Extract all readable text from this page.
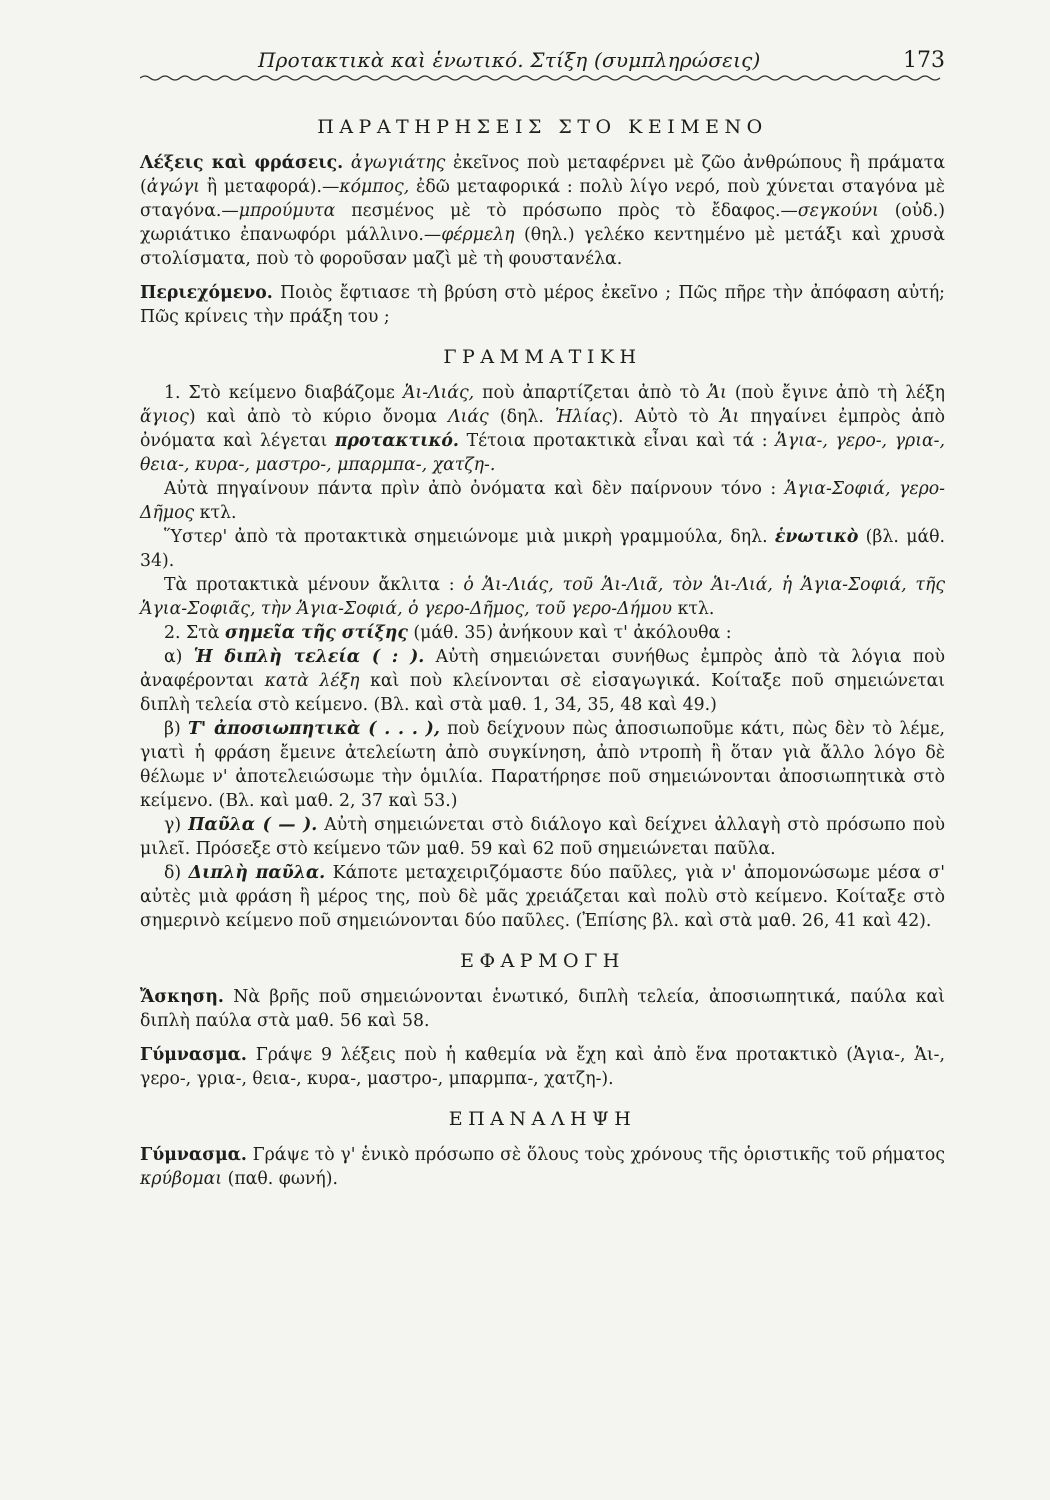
Προτακτικὰ καὶ ἑνωτικό. Στίξη (συμπληρώσεις)	173
ΠΑΡΑΤΗΡΗΣΕΙΣ ΣΤΟ ΚΕΙΜΕΝΟ

Λέξεις καὶ φράσεις. ἀγωγιάτης ἐκεῖνος ποὺ μεταφέρνει μὲ ζῶο ἀνθρώπους ἢ πράματα (ἀγώγι ἢ μεταφορά).—κόμπος, ἐδῶ μεταφορικά : πολὺ λίγο νερό, ποὺ χύνεται σταγόνα μὲ σταγόνα.—μπρούμυτα πεσμένος μὲ τὸ πρόσωπο πρὸς τὸ ἔδαφος.—σεγκούνι (οὐδ.) χωριάτικο ἐπανωφόρι μάλλινο.—φέρμελη (θηλ.) γελέκο κεντημένο μὲ μετάξι καὶ χρυσὰ στολίσματα, ποὺ τὸ φοροῦσαν μαζὶ μὲ τὴ φουστανέλα.

Περιεχόμενο. Ποιὸς ἔφτιασε τὴ βρύση στὸ μέρος ἐκεῖνο ; Πῶς πῆρε τὴν ἀπόφαση αὐτή; Πῶς κρίνεις τὴν πράξη του ;

ΓΡΑΜΜΑΤΙΚΗ

1. Στὸ κείμενο διαβάζομε Ἁι-Λιάς, ποὺ ἀπαρτίζεται ἀπὸ τὸ Ἁι (ποὺ ἔγινε ἀπὸ τὴ λέξη ἅγιος) καὶ ἀπὸ τὸ κύριο ὄνομα Λιάς (δηλ. Ἠλίας). Αὐτὸ τὸ Ἁι πηγαίνει ἐμπρὸς ἀπὸ ὀνόματα καὶ λέγεται προτακτικό. Τέτοια προτακτικὰ εἶναι καὶ τά : Ἁγια-, γερο-, γρια-, θεια-, κυρα-, μαστρο-, μπαρμπα-, χατζη-.

Αὐτὰ πηγαίνουν πάντα πρὶν ἀπὸ ὀνόματα καὶ δὲν παίρνουν τόνο : Ἁγια-Σοφιά, γερο-Δῆμος κτλ.

Ὕστερ' ἀπὸ τὰ προτακτικὰ σημειώνομε μιὰ μικρὴ γραμμούλα, δηλ. ἑνωτικὸ (βλ. μάθ. 34).

Τὰ προτακτικὰ μένουν ἄκλιτα : ὁ Ἁι-Λιάς, τοῦ Ἁι-Λιᾶ, τὸν Ἁι-Λιά, ἡ Ἁγια-Σοφιά, τῆς Ἁγια-Σοφιᾶς, τὴν Ἁγια-Σοφιά, ὁ γερο-Δῆμος, τοῦ γερο-Δήμου κτλ.

2. Στὰ σημεῖα τῆς στίξης (μάθ. 35) ἀνήκουν καὶ τ' ἀκόλουθα :

α) Ἡ διπλὴ τελεία ( : ). Αὐτὴ σημειώνεται συνήθως ἐμπρὸς ἀπὸ τὰ λόγια ποὺ ἀναφέρονται κατὰ λέξη καὶ ποὺ κλείνονται σὲ εἰσαγωγικά. Κοίταξε ποῦ σημειώνεται διπλὴ τελεία στὸ κείμενο. (Βλ. καὶ στὰ μαθ. 1, 34, 35, 48 καὶ 49.)

β) Τ' ἀποσιωπητικὰ ( . . . ), ποὺ δείχνουν πὼς ἀποσιωποῦμε κάτι, πὼς δὲν τὸ λέμε, γιατὶ ἡ φράση ἔμεινε ἀτελείωτη ἀπὸ συγκίνηση, ἀπὸ ντροπὴ ἢ ὅταν γιὰ ἄλλο λόγο δὲ θέλωμε ν' ἀποτελειώσωμε τὴν ὁμιλία. Παρατήρησε ποῦ σημειώνονται ἀποσιωπητικὰ στὸ κείμενο. (Βλ. καὶ μαθ. 2, 37 καὶ 53.)

γ) Παῦλα ( — ). Αὐτὴ σημειώνεται στὸ διάλογο καὶ δείχνει ἀλλαγὴ στὸ πρόσωπο ποὺ μιλεῖ. Πρόσεξε στὸ κείμενο τῶν μαθ. 59 καὶ 62 ποῦ σημειώνεται παῦλα.

δ) Διπλὴ παῦλα. Κάποτε μεταχειριζόμαστε δύο παῦλες, γιὰ ν' ἀπομονώσωμε μέσα σ' αὐτὲς μιὰ φράση ἢ μέρος της, ποὺ δὲ μᾶς χρειάζεται καὶ πολὺ στὸ κείμενο. Κοίταξε στὸ σημερινὸ κείμενο ποῦ σημειώνονται δύο παῦλες. (Ἐπίσης βλ. καὶ στὰ μαθ. 26, 41 καὶ 42).

ΕΦΑΡΜΟΓΗ

Ἄσκηση. Νὰ βρῆς ποῦ σημειώνονται ἑνωτικό, διπλὴ τελεία, ἀποσιωπητικά, παύλα καὶ διπλὴ παύλα στὰ μαθ. 56 καὶ 58.

Γύμνασμα. Γράψε 9 λέξεις ποὺ ἡ καθεμία νὰ ἔχη καὶ ἀπὸ ἕνα προτακτικὸ (Ἁγια-, Ἁι-, γερο-, γρια-, θεια-, κυρα-, μαστρο-, μπαρμπα-, χατζη-).

ΕΠΑΝΑΛΗΨΗ

Γύμνασμα. Γράψε τὸ γ' ἑνικὸ πρόσωπο σὲ ὅλους τοὺς χρόνους τῆς ὁριστικῆς τοῦ ρήματος κρύβομαι (παθ. φωνή).
